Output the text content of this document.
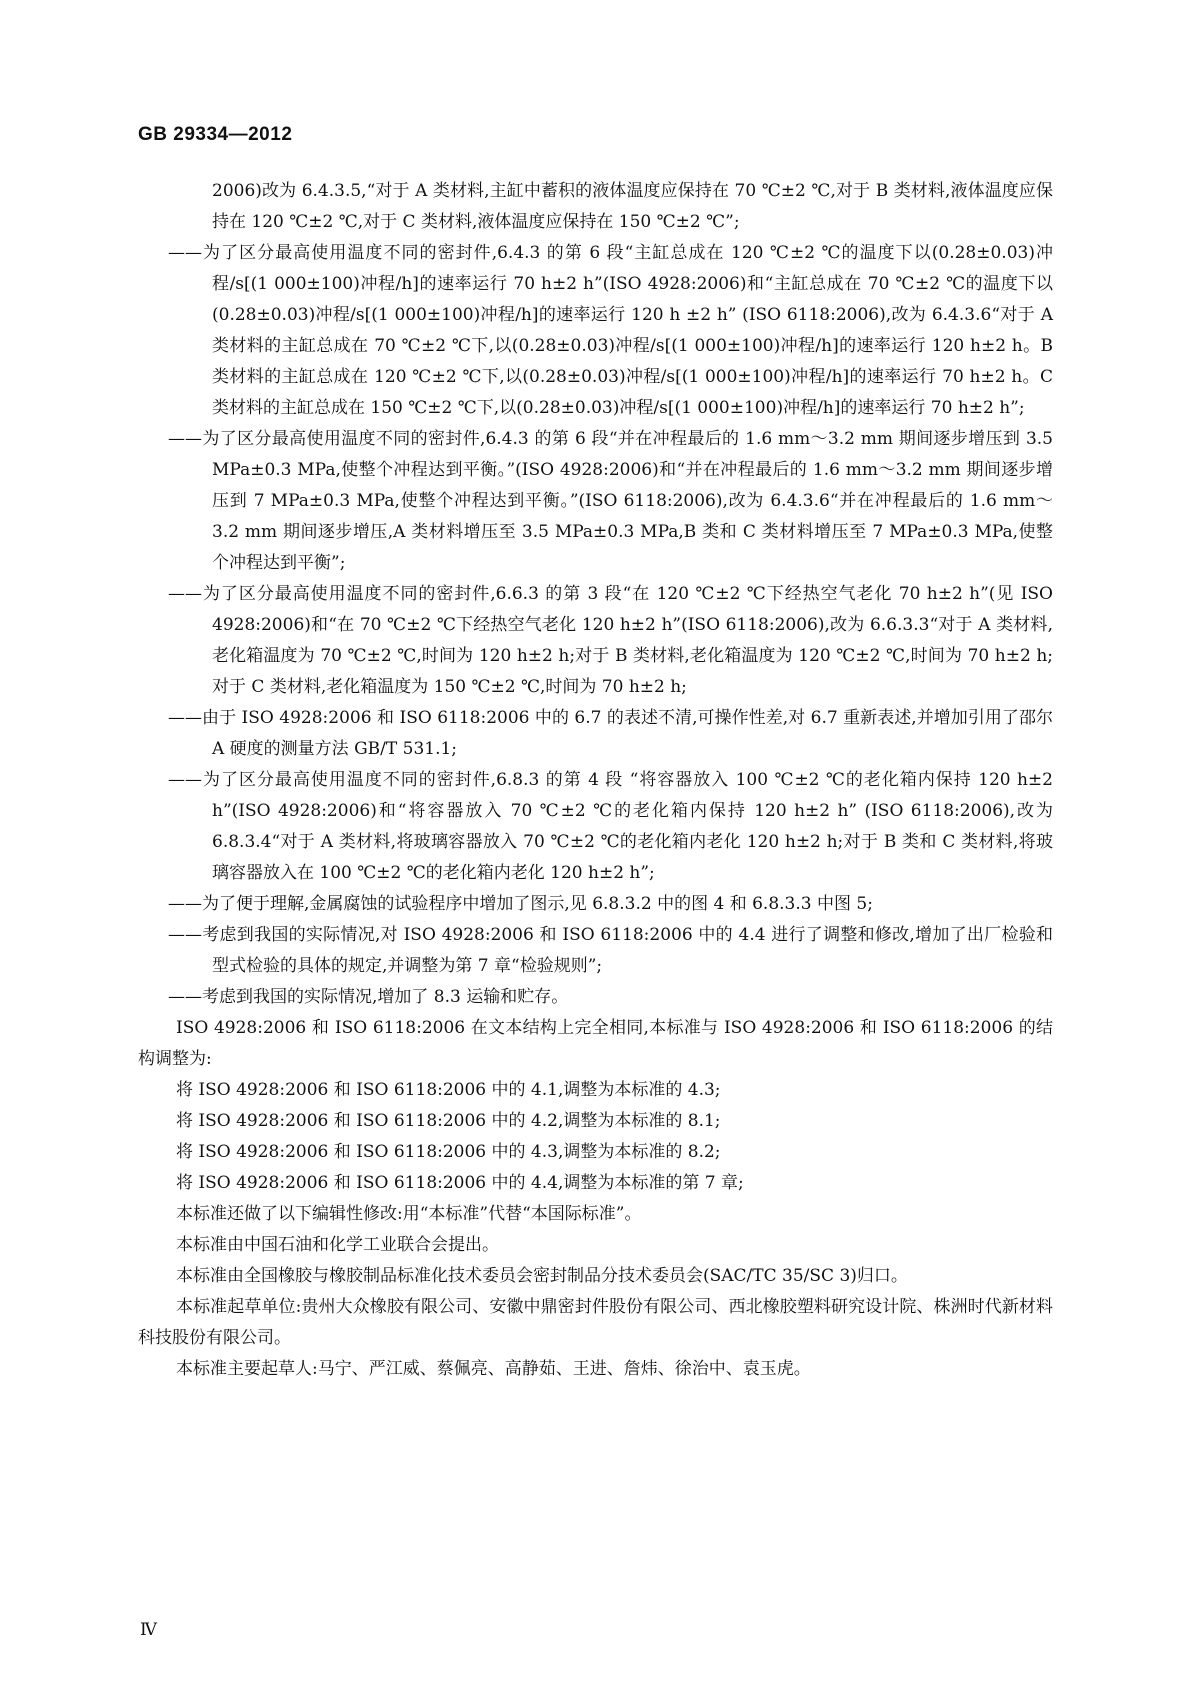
GB 29334—2012

2006)改为 6.4.3.5,“对于 A 类材料,主缸中蓄积的液体温度应保持在 70 ℃±2 ℃,对于 B 类材料,液体温度应保持在 120 ℃±2 ℃,对于 C 类材料,液体温度应保持在 150 ℃±2 ℃”;

——为了区分最高使用温度不同的密封件,6.4.3 的第 6 段“主缸总成在 120 ℃±2 ℃的温度下以(0.28±0.03)冲程/s[(1 000±100)冲程/h]的速率运行 70 h±2 h”(ISO 4928:2006)和“主缸总成在 70 ℃±2 ℃的温度下以(0.28±0.03)冲程/s[(1 000±100)冲程/h]的速率运行 120 h ±2 h” (ISO 6118:2006),改为 6.4.3.6“对于 A 类材料的主缸总成在 70 ℃±2 ℃下,以(0.28±0.03)冲程/s[(1 000±100)冲程/h]的速率运行 120 h±2 h。B 类材料的主缸总成在 120 ℃±2 ℃下,以(0.28±0.03)冲程/s[(1 000±100)冲程/h]的速率运行 70 h±2 h。C 类材料的主缸总成在 150 ℃±2 ℃下,以(0.28±0.03)冲程/s[(1 000±100)冲程/h]的速率运行 70 h±2 h”;

——为了区分最高使用温度不同的密封件,6.4.3 的第 6 段“并在冲程最后的 1.6 mm～3.2 mm 期间逐步增压到 3.5 MPa±0.3 MPa,使整个冲程达到平衡。”(ISO 4928:2006)和“并在冲程最后的 1.6 mm～3.2 mm 期间逐步增压到 7 MPa±0.3 MPa,使整个冲程达到平衡。”(ISO 6118:2006),改为 6.4.3.6“并在冲程最后的 1.6 mm～3.2 mm 期间逐步增压,A 类材料增压至 3.5 MPa±0.3 MPa,B 类和 C 类材料增压至 7 MPa±0.3 MPa,使整个冲程达到平衡”;

——为了区分最高使用温度不同的密封件,6.6.3 的第 3 段“在 120 ℃±2 ℃下经热空气老化 70 h±2 h”(见 ISO 4928:2006)和“在 70 ℃±2 ℃下经热空气老化 120 h±2 h”(ISO 6118:2006),改为 6.6.3.3“对于 A 类材料,老化箱温度为 70 ℃±2 ℃,时间为 120 h±2 h;对于 B 类材料,老化箱温度为 120 ℃±2 ℃,时间为 70 h±2 h;对于 C 类材料,老化箱温度为 150 ℃±2 ℃,时间为 70 h±2 h;

——由于 ISO 4928:2006 和 ISO 6118:2006 中的 6.7 的表述不清,可操作性差,对 6.7 重新表述,并增加引用了邵尔 A 硬度的测量方法 GB/T 531.1;

——为了区分最高使用温度不同的密封件,6.8.3 的第 4 段 “将容器放入 100 ℃±2 ℃的老化箱内保持 120 h±2 h”(ISO 4928:2006)和“将容器放入 70 ℃±2 ℃的老化箱内保持 120 h±2 h” (ISO 6118:2006),改为 6.8.3.4“对于 A 类材料,将玻璃容器放入 70 ℃±2 ℃的老化箱内老化 120 h±2 h;对于 B 类和 C 类材料,将玻璃容器放入在 100 ℃±2 ℃的老化箱内老化 120 h±2 h”;

——为了便于理解,金属腐蚀的试验程序中增加了图示,见 6.8.3.2 中的图 4 和 6.8.3.3 中图 5;

——考虑到我国的实际情况,对 ISO 4928:2006 和 ISO 6118:2006 中的 4.4 进行了调整和修改,增加了出厂检验和型式检验的具体的规定,并调整为第 7 章“检验规则”;

——考虑到我国的实际情况,增加了 8.3 运输和贮存。

ISO 4928:2006 和 ISO 6118:2006 在文本结构上完全相同,本标准与 ISO 4928:2006 和 ISO 6118:2006 的结构调整为:

将 ISO 4928:2006 和 ISO 6118:2006 中的 4.1,调整为本标准的 4.3;

将 ISO 4928:2006 和 ISO 6118:2006 中的 4.2,调整为本标准的 8.1;

将 ISO 4928:2006 和 ISO 6118:2006 中的 4.3,调整为本标准的 8.2;

将 ISO 4928:2006 和 ISO 6118:2006 中的 4.4,调整为本标准的第 7 章;

本标准还做了以下编辑性修改:用“本标准”代替“本国际标准”。

本标准由中国石油和化学工业联合会提出。

本标准由全国橡胶与橡胶制品标准化技术委员会密封制品分技术委员会(SAC/TC 35/SC 3)归口。

本标准起草单位:贵州大众橡胶有限公司、安徽中鼎密封件股份有限公司、西北橡胶塑料研究设计院、株洲时代新材料科技股份有限公司。

本标准主要起草人:马宁、严江威、蔡佩亮、高静茹、王进、詹炜、徐治中、袁玉虎。

Ⅳ
